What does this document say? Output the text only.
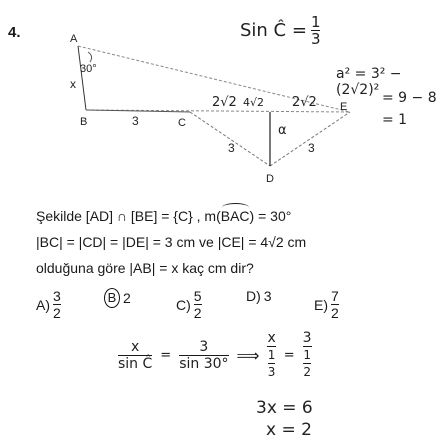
4.	A
B	C
D
E
30°
x
3
3	3
2√2 4√2 2√2
α
Sin Ĉ = $\frac{1}{3}$
a² = 3² − (2√2)² = 9 − 8
= 1
Şekilde [AD] ∩ [BE] = {C} , m(BAC) = 30°
|BC| = |CD| = |DE| = 3 cm ve |CE| = 4√2 cm
olduğuna göre |AB| = x kaç cm dir?
$A) \frac{3}{2}$	B 2	$C) \frac{5}{2}$	D) 3
$E) \frac{7}{2}$
$\frac{x}{\text{sin Ĉ}} = \frac{3}{\sin 30^\circ}$ ⟹ $\frac{x}{\frac{1}{3}} = \frac{3}{\frac{1}{2}}$
3x = 6
x = 2
